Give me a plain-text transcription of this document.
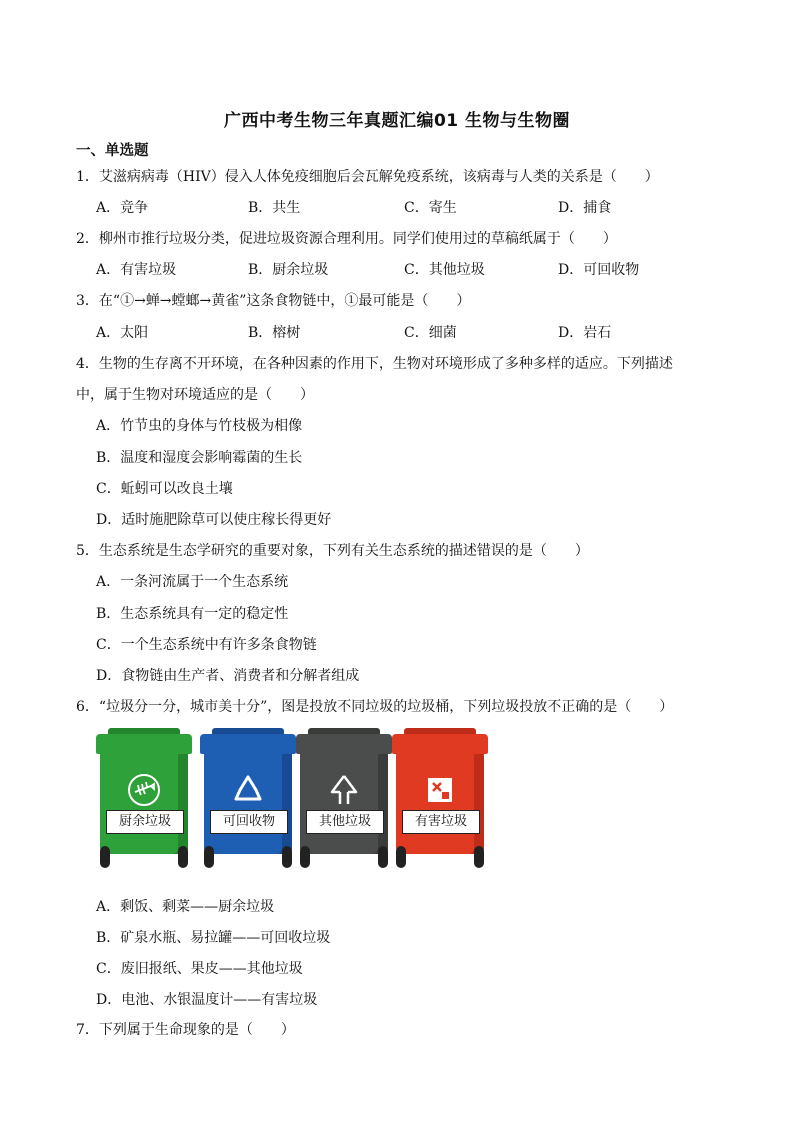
广西中考生物三年真题汇编01 生物与生物圈
一、单选题
1．艾滋病病毒（HIV）侵入人体免疫细胞后会瓦解免疫系统，该病毒与人类的关系是（　　）
A．竞争	B．共生	C．寄生	D．捕食
2．柳州市推行垃圾分类，促进垃圾资源合理利用。同学们使用过的草稿纸属于（　　）
A．有害垃圾	B．厨余垃圾	C．其他垃圾	D．可回收物
3．在“①→蝉→螳螂→黄雀”这条食物链中，①最可能是（　　）
A．太阳	B．榕树	C．细菌	D．岩石
4．生物的生存离不开环境，在各种因素的作用下，生物对环境形成了多种多样的适应。下列描述
中，属于生物对环境适应的是（　　）
A．竹节虫的身体与竹枝极为相像
B．温度和湿度会影响霉菌的生长
C．蚯蚓可以改良土壤
D．适时施肥除草可以使庄稼长得更好
5．生态系统是生态学研究的重要对象，下列有关生态系统的描述错误的是（　　）
A．一条河流属于一个生态系统
B．生态系统具有一定的稳定性
C．一个生态系统中有许多条食物链
D．食物链由生产者、消费者和分解者组成
6．“垃圾分一分，城市美十分”，图是投放不同垃圾的垃圾桶，下列垃圾投放不正确的是（　　）
厨余垃圾	可回收物	其他垃圾	有害垃圾
A．剩饭、剩菜——厨余垃圾
B．矿泉水瓶、易拉罐——可回收垃圾
C．废旧报纸、果皮——其他垃圾
D．电池、水银温度计——有害垃圾
7．下列属于生命现象的是（　　）
